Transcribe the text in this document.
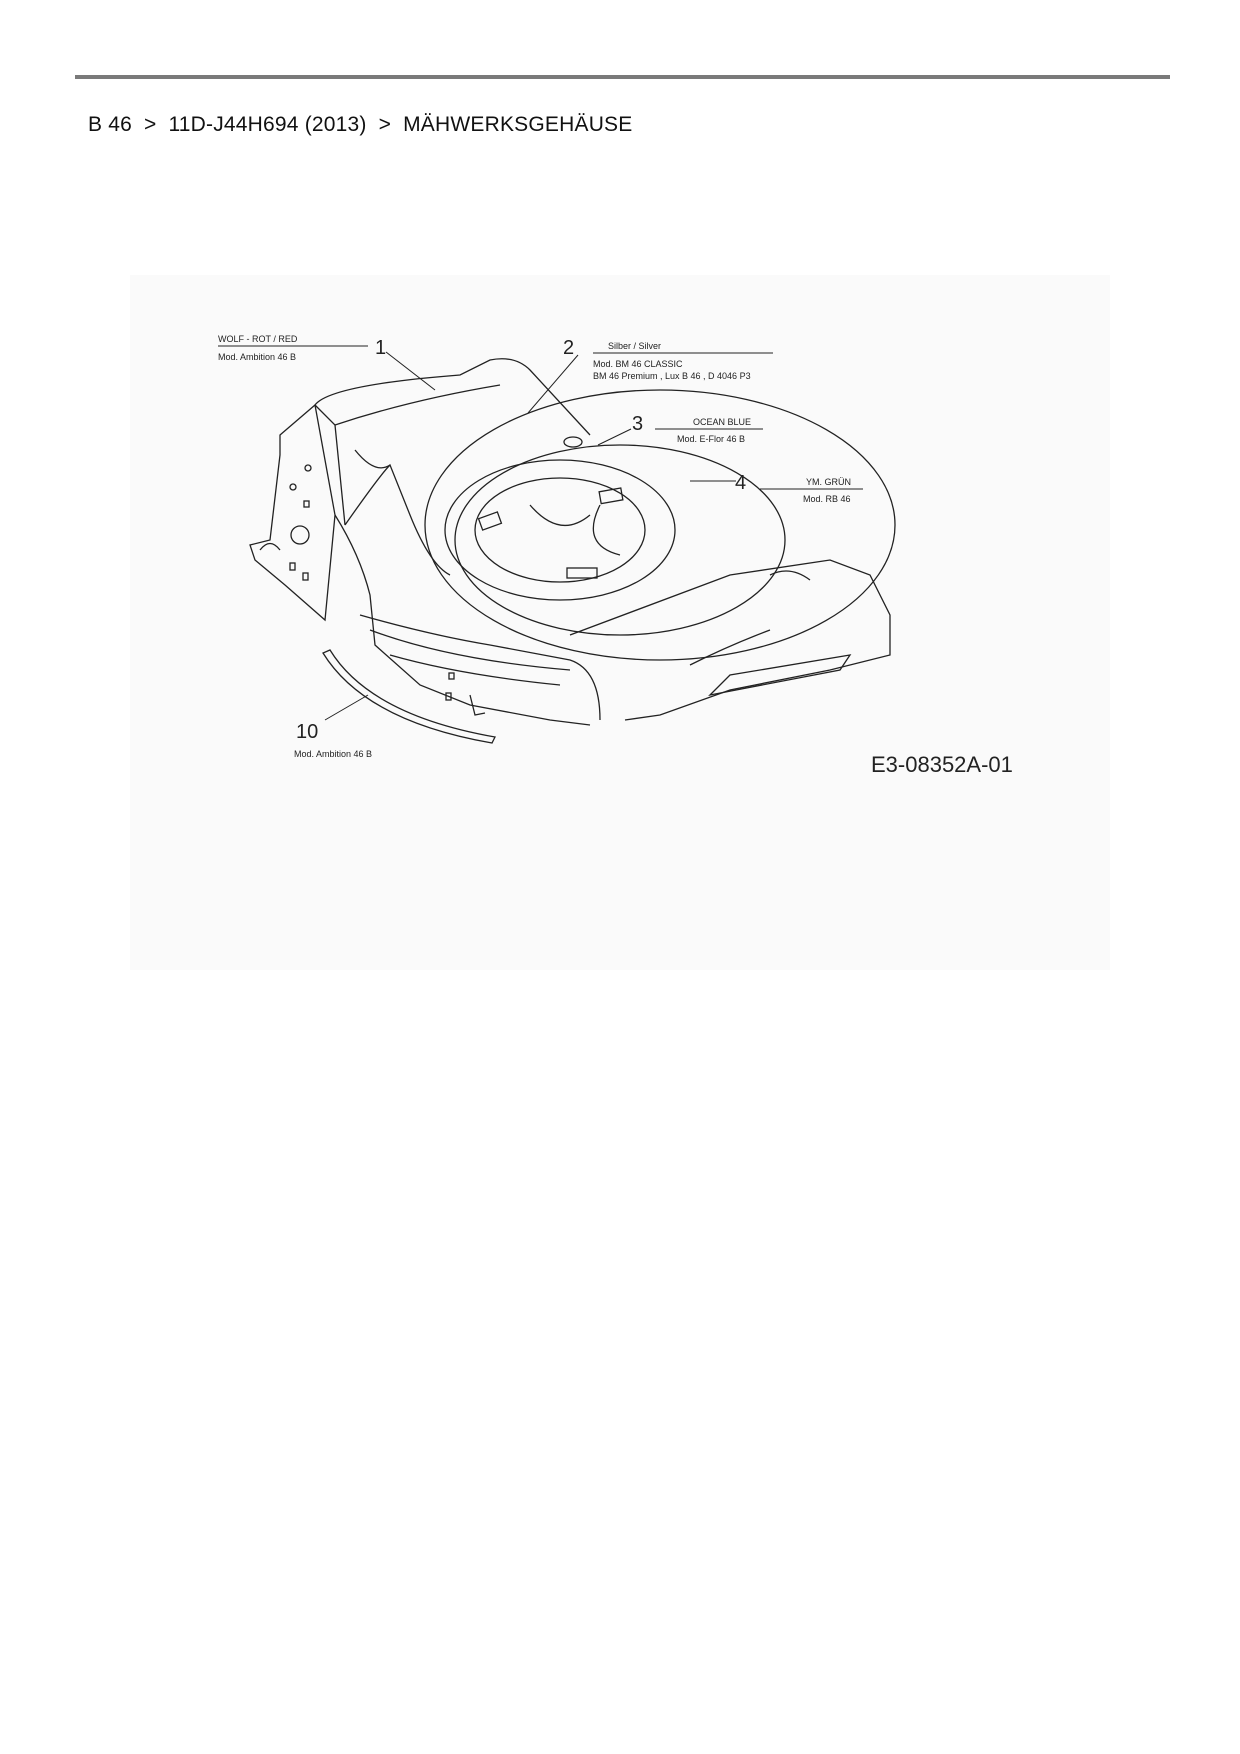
B 46 > 11D-J44H694 (2013) > MÄHWERKSGEHÄUSE
WOLF - ROT / RED
Mod. Ambition 46 B	1	2	Silber / Silver
Mod. BM 46 CLASSIC
BM 46 Premium , Lux B 46 , D 4046 P3
3	OCEAN BLUE
Mod. E-Flor 46 B
4	YM. GRÜN
Mod. RB 46
10
Mod. Ambition 46 B	E3-08352A-01
